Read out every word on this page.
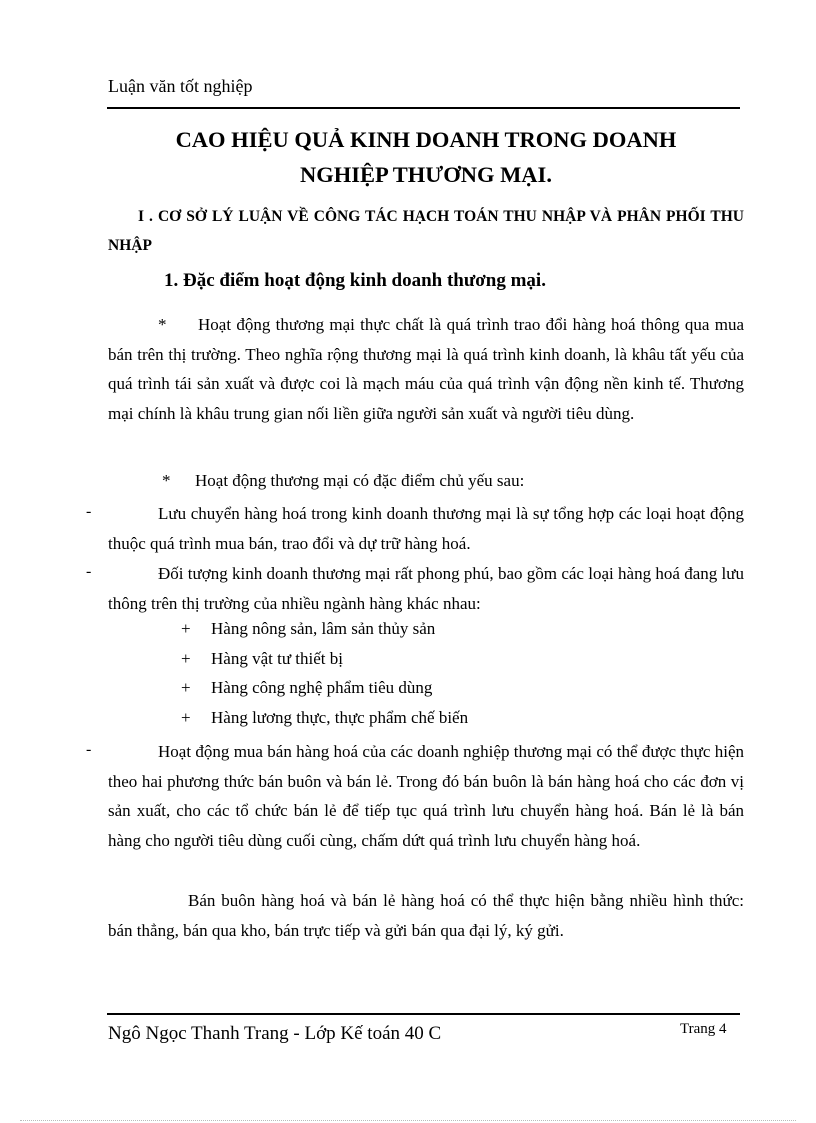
Luận văn tốt nghiệp
CAO HIỆU QUẢ KINH DOANH TRONG DOANH
NGHIỆP THƯƠNG MẠI.
I . CƠ SỞ LÝ LUẬN VỀ CÔNG TÁC HẠCH TOÁN THU NHẬP VÀ PHÂN PHỐI THU NHẬP
1. Đặc điểm hoạt động kinh doanh thương mại.
* Hoạt động thương mại thực chất là quá trình trao đổi hàng hoá thông qua mua bán trên thị trường. Theo nghĩa rộng thương mại là quá trình kinh doanh, là khâu tất yếu của quá trình tái sản xuất và được coi là mạch máu của quá trình vận động nền kinh tế. Thương mại chính là khâu trung gian nối liền giữa người sản xuất và người tiêu dùng.
* Hoạt động thương mại có đặc điểm chủ yếu sau:
-	Lưu chuyển hàng hoá trong kinh doanh thương mại là sự tổng hợp các loại hoạt động thuộc quá trình mua bán, trao đổi và dự trữ hàng hoá.
-	Đối tượng kinh doanh thương mại rất phong phú, bao gồm các loại hàng hoá đang lưu thông trên thị trường của nhiều ngành hàng khác nhau:
+ Hàng nông sản, lâm sản thủy sản
+ Hàng vật tư thiết bị
+ Hàng công nghệ phẩm tiêu dùng
+ Hàng lương thực, thực phẩm chế biến
-	Hoạt động mua bán hàng hoá của các doanh nghiệp thương mại có thể được thực hiện theo hai phương thức bán buôn và bán lẻ. Trong đó bán buôn là bán hàng hoá cho các đơn vị sản xuất, cho các tổ chức bán lẻ để tiếp tục quá trình lưu chuyển hàng hoá. Bán lẻ là bán hàng cho người tiêu dùng cuối cùng, chấm dứt quá trình lưu chuyển hàng hoá.
Bán buôn hàng hoá và bán lẻ hàng hoá có thể thực hiện bằng nhiều hình thức: bán thẳng, bán qua kho, bán trực tiếp và gửi bán qua đại lý, ký gửi.
Ngô Ngọc Thanh Trang - Lớp Kế toán 40 C	Trang 4
